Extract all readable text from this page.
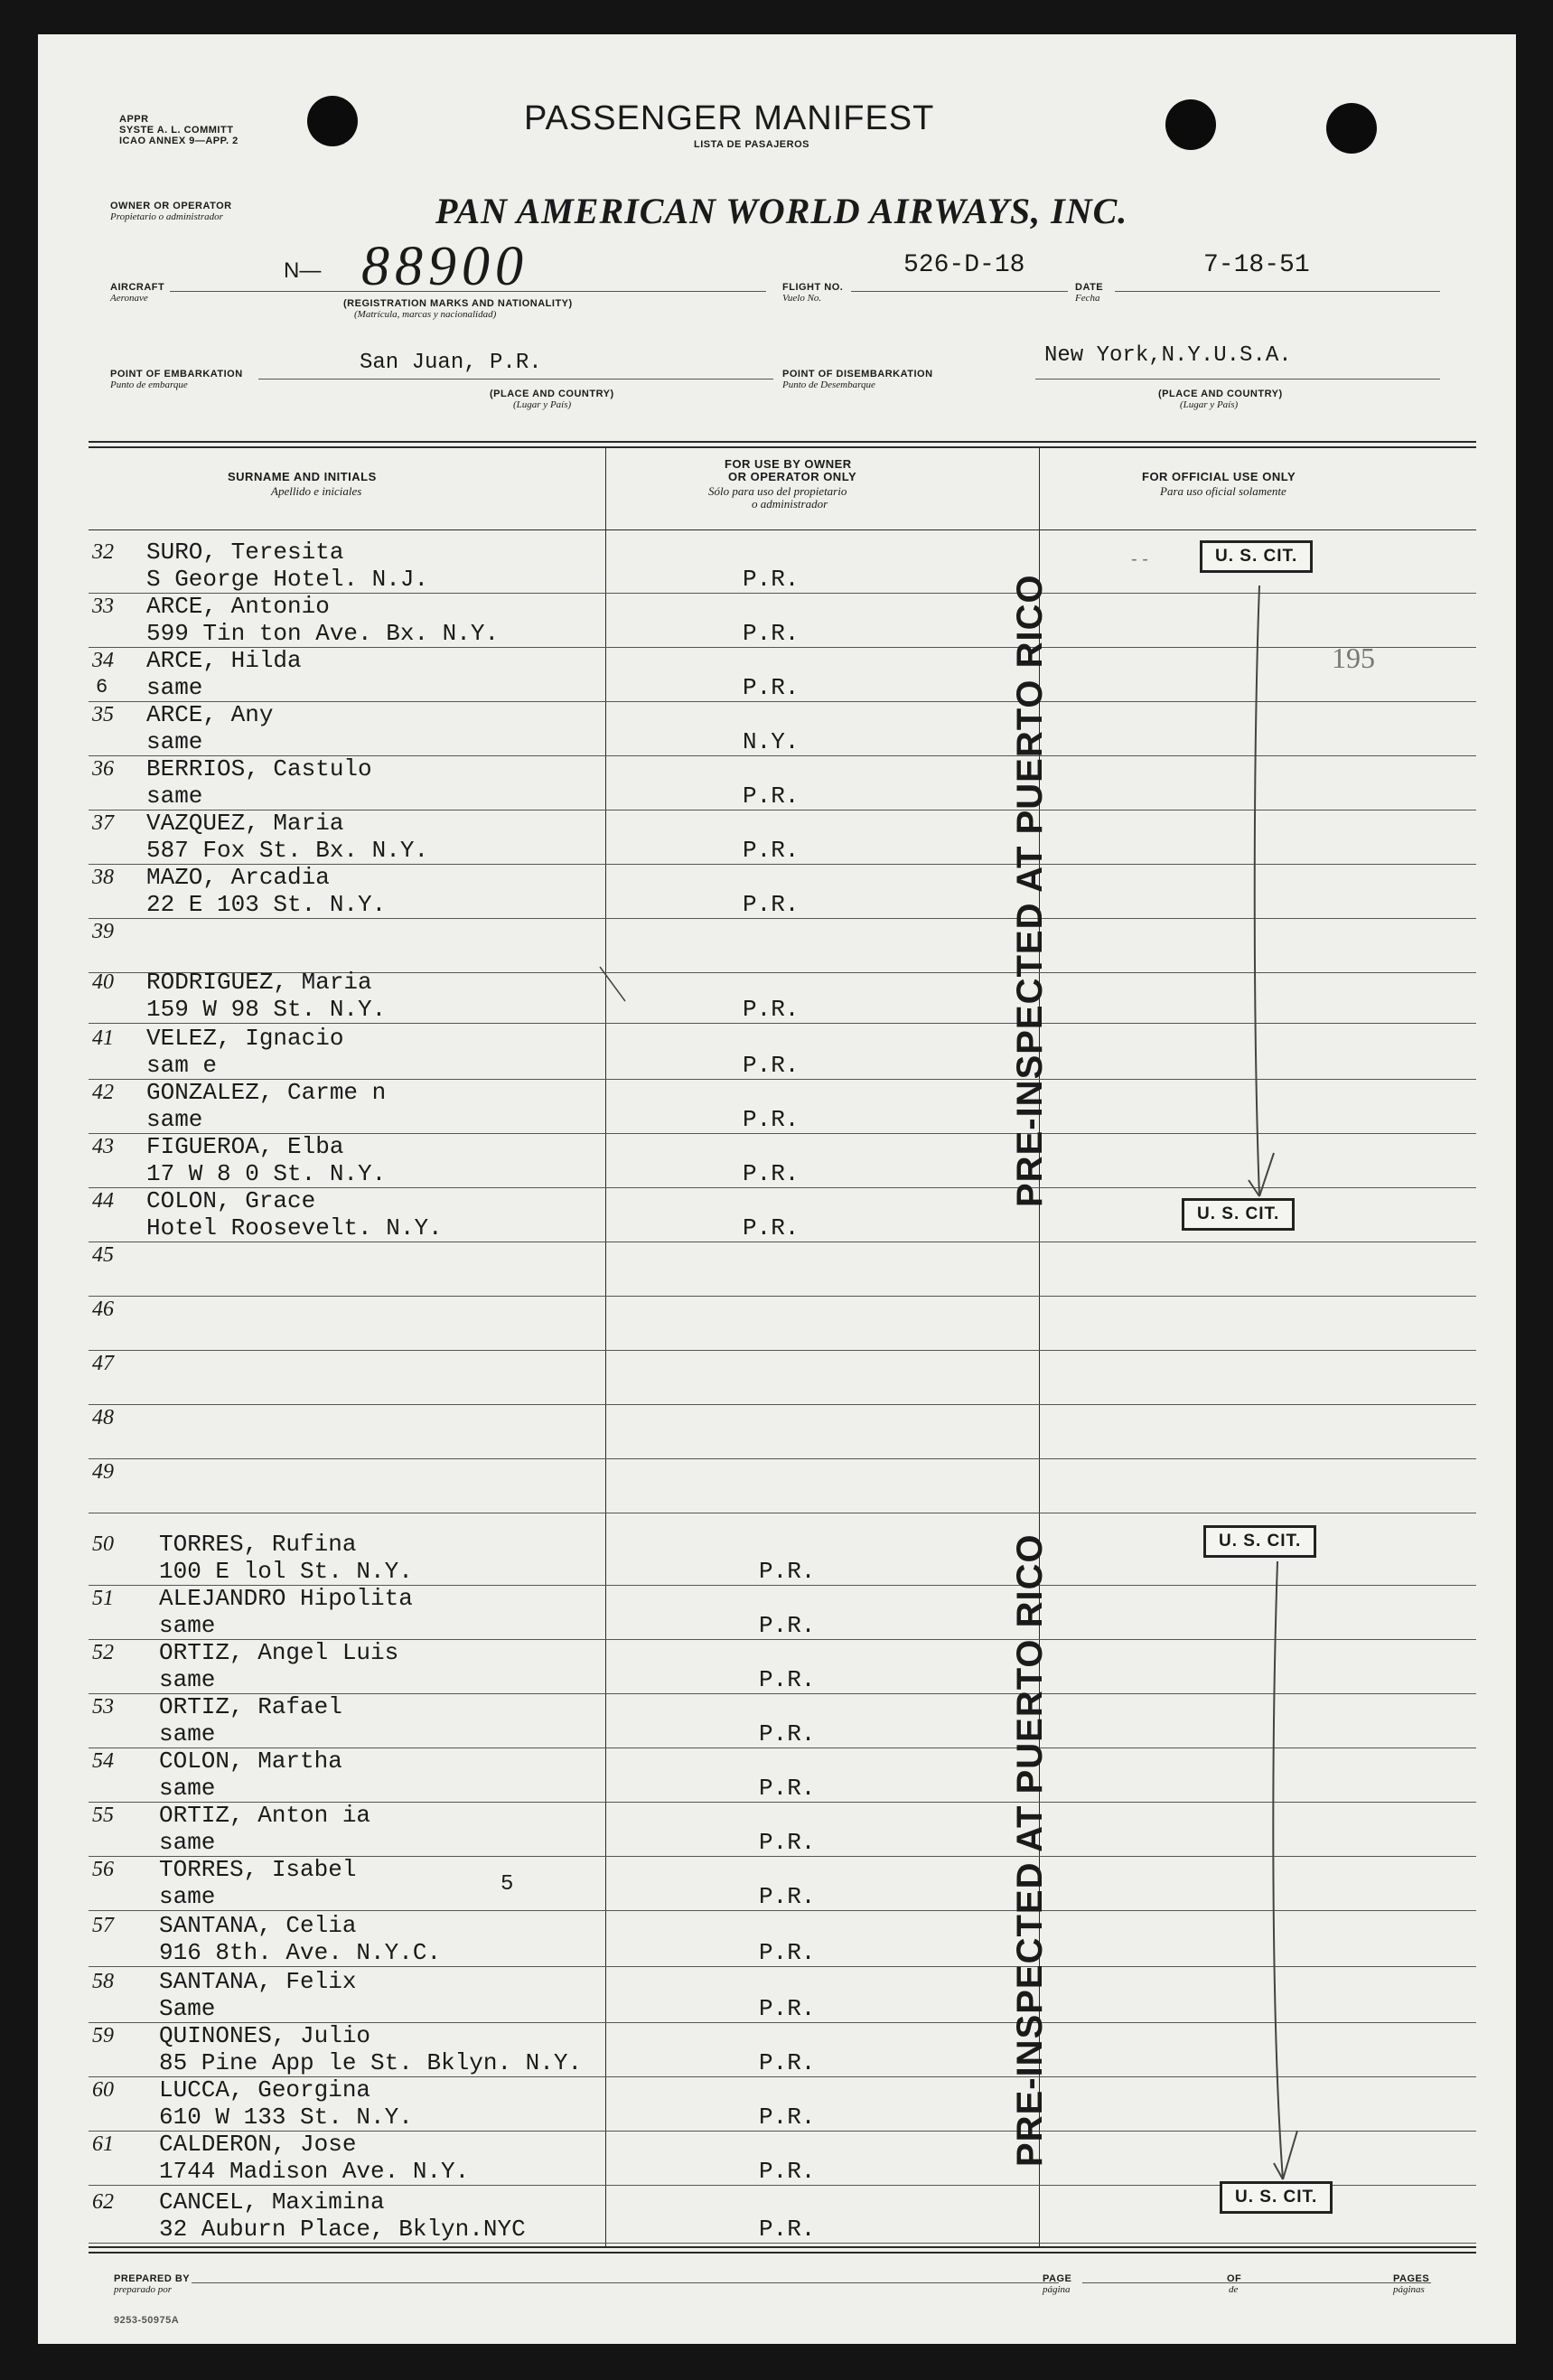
APPR
SYSTE A. L. COMMITT
ICAO ANNEX 9—APP. 2
PASSENGER MANIFEST
LISTA DE PASAJEROS
OWNER OR OPERATOR
Propietario o administrador	PAN AMERICAN WORLD AIRWAYS, INC.
AIRCRAFT
Aeronave
N— 88900
(REGISTRATION MARKS AND NATIONALITY)
(Matrícula, marcas y nacionalidad)
FLIGHT NO.
Vuelo No.
526-D-18
DATE
Fecha
7-18-51
POINT OF EMBARKATION
Punto de embarque
San Juan, P.R.
(PLACE AND COUNTRY)
(Lugar y País)
POINT OF DISEMBARKATION
Punto de Desembarque
New York,N.Y.U.S.A.
(PLACE AND COUNTRY)
(Lugar y País)
SURNAME AND INITIALS
Apellido e iniciales
FOR USE BY OWNER
OR OPERATOR ONLY
Sólo para uso del propietario
o administrador
FOR OFFICIAL USE ONLY
Para uso oficial solamente
32 SURO, Teresita
S George Hotel. N.J.	P.R.
33 ARCE, Antonio
599 Tin ton Ave. Bx. N.Y.	P.R.
34 ARCE, Hilda
same	P.R.
35 ARCE, Any
same	N.Y.
36 BERRIOS, Castulo
same	P.R.
37 VAZQUEZ, Maria
587 Fox St. Bx. N.Y.	P.R.
38 MAZO, Arcadia
22 E 103 St. N.Y.	P.R.
39
40 RODRIGUEZ, Maria
159 W 98 St. N.Y.	P.R.
41 VELEZ, Ignacio
sam e	P.R.
42 GONZALEZ, Carme n
same	P.R.
43 FIGUEROA, Elba
17 W 8 0 St. N.Y.	P.R.
44 COLON, Grace
Hotel Roosevelt. N.Y.	P.R.
45
46
47
48
49
50 TORRES, Rufina
100 E lol St. N.Y.	P.R.
51 ALEJANDRO Hipolita
same	P.R.
52 ORTIZ, Angel Luis
same	P.R.
53 ORTIZ, Rafael
same	P.R.
54 COLON, Martha
same	P.R.
55 ORTIZ, Anton ia
same	P.R.
56 TORRES, Isabel
same	P.R.
57 SANTANA, Celia
916 8th. Ave. N.Y.C.	P.R.
58 SANTANA, Felix
Same	P.R.
59 QUINONES, Julio
85 Pine App le St. Bklyn. N.Y.	P.R.
60 LUCCA, Georgina
610 W 133 St. N.Y.	P.R.
61 CALDERON, Jose
1744 Madison Ave. N.Y.	P.R.
62 CANCEL, Maximina
32 Auburn Place, Bklyn.NYC	P.R.
PRE-INSPECTED AT PUERTO RICO
PRE-INSPECTED AT PUERTO RICO
U. S. CIT.
U. S. CIT.
U. S. CIT.
U. S. CIT.
195
- -
6
5
PREPARED BY
preparado por
PAGE
página
OF
de
PAGES
páginas
9253-50975A
